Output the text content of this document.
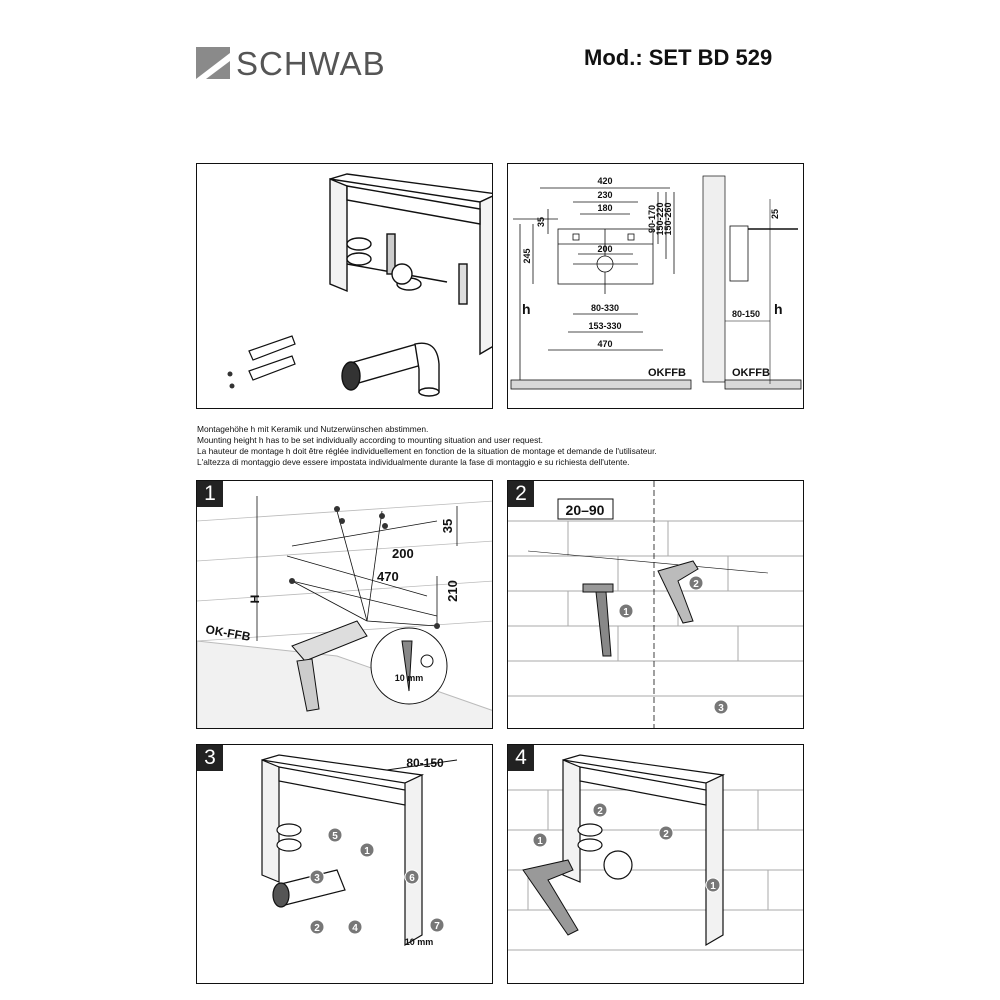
SCHWAB	Mod.: SET BD 529
420
230
180
200
35
245
80-330
153-330
470
h
OKFFB
90-170
150-220
150-260	25
80-150 h
OKFFB
Montagehöhe h mit Keramik und Nutzerwünschen abstimmen.
Mounting height h has to be set individually according to mounting situation and user request.
La hauteur de montage h doit être réglée individuellement en fonction de la situation de montage et demande de l'utilisateur.
L'altezza di montaggio deve essere impostata individualmente durante la fase di montaggio e su richiesta dell'utente.
1
35
200
470
210
H
OK-FFB
10 mm
2
20–90
1
2
3
3	80-150
10 mm
1
2
3
4
5
6
7
4
1
1
2
2
